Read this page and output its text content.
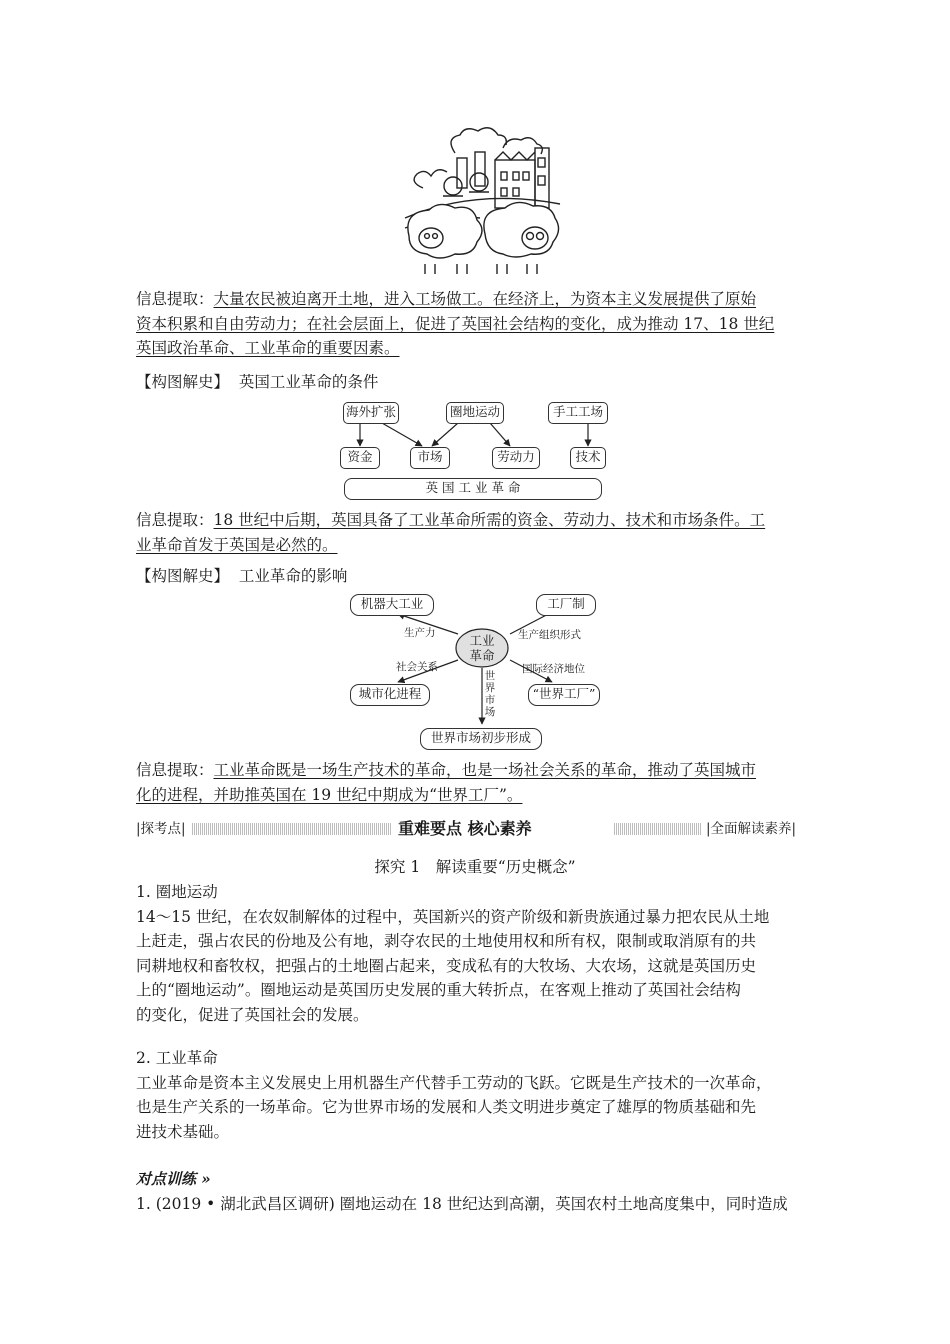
信息提取：大量农民被迫离开土地，进入工场做工。在经济上，为资本主义发展提供了原始
资本积累和自由劳动力；在社会层面上，促进了英国社会结构的变化，成为推动 17、18 世纪
英国政治革命、工业革命的重要因素。
【构图解史】 英国工业革命的条件
海外扩张	圈地运动	手工工场
资金	市场	劳动力	技术
英 国 工 业 革 命
信息提取：18 世纪中后期，英国具备了工业革命所需的资金、劳动力、技术和市场条件。工
业革命首发于英国是必然的。
【构图解史】 工业革命的影响
工业
革命
机器大工业	工厂制
城市化进程	“世界工厂”
世界市场初步形成
生产力	生产组织形式
社会关系	国际经济地位
世
界
市
场
信息提取：工业革命既是一场生产技术的革命，也是一场社会关系的革命，推动了英国城市
化的进程，并助推英国在 19 世纪中期成为“世界工厂”。
|探考点|	重难要点 核心素养	|全面解读素养|
探究 1　解读重要“历史概念”
1. 圈地运动
14～15 世纪，在农奴制解体的过程中，英国新兴的资产阶级和新贵族通过暴力把农民从土地
上赶走，强占农民的份地及公有地，剥夺农民的土地使用权和所有权，限制或取消原有的共
同耕地权和畜牧权，把强占的土地圈占起来，变成私有的大牧场、大农场，这就是英国历史
上的“圈地运动”。圈地运动是英国历史发展的重大转折点，在客观上推动了英国社会结构
的变化，促进了英国社会的发展。
2. 工业革命
工业革命是资本主义发展史上用机器生产代替手工劳动的飞跃。它既是生产技术的一次革命，
也是生产关系的一场革命。它为世界市场的发展和人类文明进步奠定了雄厚的物质基础和先
进技术基础。
对点训练 »
1. (2019 • 湖北武昌区调研) 圈地运动在 18 世纪达到高潮，英国农村土地高度集中，同时造成
